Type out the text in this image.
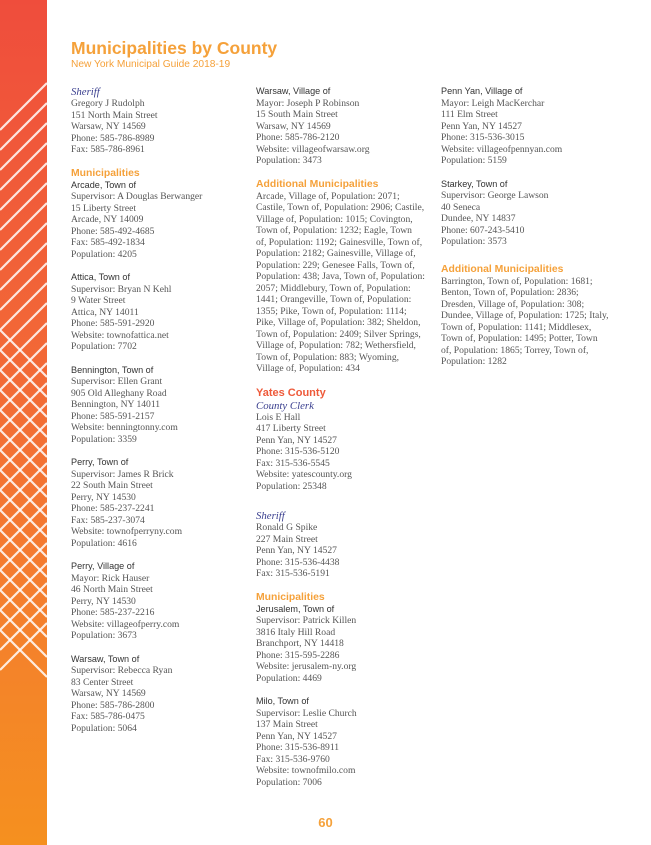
Municipalities by County
New York Municipal Guide 2018-19
Sheriff
Gregory J Rudolph
151 North Main Street
Warsaw, NY 14569
Phone: 585-786-8989
Fax: 585-786-8961
Municipalities
Arcade, Town of
Supervisor: A Douglas Berwanger
15 Liberty Street
Arcade, NY 14009
Phone: 585-492-4685
Fax: 585-492-1834
Population: 4205
Attica, Town of
Supervisor: Bryan N Kehl
9 Water Street
Attica, NY 14011
Phone: 585-591-2920
Website: townofattica.net
Population: 7702
Bennington, Town of
Supervisor: Ellen Grant
905 Old Alleghany Road
Bennington, NY 14011
Phone: 585-591-2157
Website: benningtonny.com
Population: 3359
Perry, Town of
Supervisor: James R Brick
22 South Main Street
Perry, NY 14530
Phone: 585-237-2241
Fax: 585-237-3074
Website: townofperryny.com
Population: 4616
Perry, Village of
Mayor: Rick Hauser
46 North Main Street
Perry, NY 14530
Phone: 585-237-2216
Website: villageofperry.com
Population: 3673
Warsaw, Town of
Supervisor: Rebecca Ryan
83 Center Street
Warsaw, NY 14569
Phone: 585-786-2800
Fax: 585-786-0475
Population: 5064
Warsaw, Village of
Mayor: Joseph P Robinson
15 South Main Street
Warsaw, NY 14569
Phone: 585-786-2120
Website: villageofwarsaw.org
Population: 3473
Additional Municipalities
Arcade, Village of, Population: 2071;
Castile, Town of, Population: 2906; Castile,
Village of, Population: 1015; Covington,
Town of, Population: 1232; Eagle, Town
of, Population: 1192; Gainesville, Town of,
Population: 2182; Gainesville, Village of,
Population: 229; Genesee Falls, Town of,
Population: 438; Java, Town of, Population:
2057; Middlebury, Town of, Population:
1441; Orangeville, Town of, Population:
1355; Pike, Town of, Population: 1114;
Pike, Village of, Population: 382; Sheldon,
Town of, Population: 2409; Silver Springs,
Village of, Population: 782; Wethersfield,
Town of, Population: 883; Wyoming,
Village of, Population: 434
Yates County
County Clerk
Lois E Hall
417 Liberty Street
Penn Yan, NY 14527
Phone: 315-536-5120
Fax: 315-536-5545
Website: yatescounty.org
Population: 25348
Sheriff
Ronald G Spike
227 Main Street
Penn Yan, NY 14527
Phone: 315-536-4438
Fax: 315-536-5191
Municipalities
Jerusalem, Town of
Supervisor: Patrick Killen
3816 Italy Hill Road
Branchport, NY 14418
Phone: 315-595-2286
Website: jerusalem-ny.org
Population: 4469
Milo, Town of
Supervisor: Leslie Church
137 Main Street
Penn Yan, NY 14527
Phone: 315-536-8911
Fax: 315-536-9760
Website: townofmilo.com
Population: 7006
Penn Yan, Village of
Mayor: Leigh MacKerchar
111 Elm Street
Penn Yan, NY 14527
Phone: 315-536-3015
Website: villageofpennyan.com
Population: 5159
Starkey, Town of
Supervisor: George Lawson
40 Seneca
Dundee, NY 14837
Phone: 607-243-5410
Population: 3573
Additional Municipalities
Barrington, Town of, Population: 1681;
Benton, Town of, Population: 2836;
Dresden, Village of, Population: 308;
Dundee, Village of, Population: 1725; Italy,
Town of, Population: 1141; Middlesex,
Town of, Population: 1495; Potter, Town
of, Population: 1865; Torrey, Town of,
Population: 1282
60
